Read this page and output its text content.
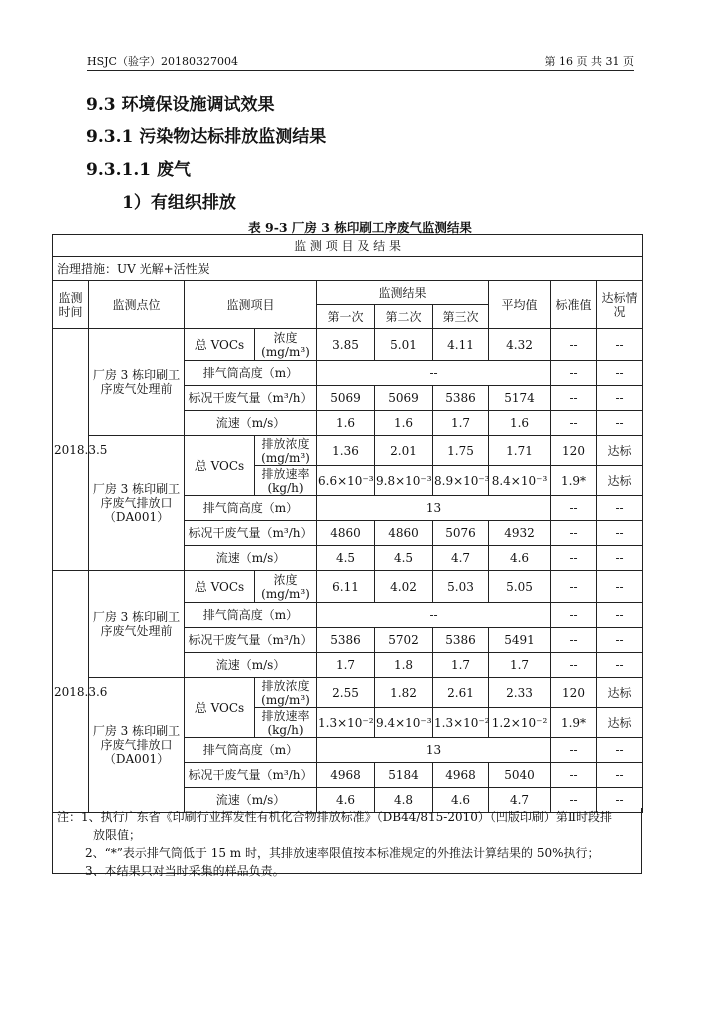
HSJC（验字）20180327004	第 16 页 共 31 页
9.3 环境保设施调试效果
9.3.1 污染物达标排放监测结果
9.3.1.1 废气
1）有组织排放
表 9-3 厂房 3 栋印刷工序废气监测结果
监 测 项 目 及 结 果									
治理措施：UV 光解+活性炭									
监测时间	监测点位	监测项目		监测结果			平均值	标准值	达标情况
				第一次	第二次	第三次			
2018.3.5	厂房 3 栋印刷工序废气处理前	总 VOCs	浓度(mg/m³)	3.85	5.01	4.11	4.32	--	--
		排气筒高度（m）		--				--	--
		标况干废气量（m³/h）		5069	5069	5386	5174	--	--
		流速（m/s）		1.6	1.6	1.7	1.6	--	--
	厂房 3 栋印刷工序废气排放口（DA001）	总 VOCs	排放浓度(mg/m³)	1.36	2.01	1.75	1.71	120	达标
			排放速率(kg/h)	6.6×10⁻³	9.8×10⁻³	8.9×10⁻³	8.4×10⁻³	1.9*	达标
		排气筒高度（m）		13				--	--
		标况干废气量（m³/h）		4860	4860	5076	4932	--	--
		流速（m/s）		4.5	4.5	4.7	4.6	--	--
2018.3.6	厂房 3 栋印刷工序废气处理前	总 VOCs	浓度(mg/m³)	6.11	4.02	5.03	5.05	--	--
		排气筒高度（m）		--				--	--
		标况干废气量（m³/h）		5386	5702	5386	5491	--	--
		流速（m/s）		1.7	1.8	1.7	1.7	--	--
	厂房 3 栋印刷工序废气排放口（DA001）	总 VOCs	排放浓度(mg/m³)	2.55	1.82	2.61	2.33	120	达标
			排放速率(kg/h)	1.3×10⁻²	9.4×10⁻³	1.3×10⁻²	1.2×10⁻²	1.9*	达标
		排气筒高度（m）		13				--	--
		标况干废气量（m³/h）		4968	5184	4968	5040	--	--
		流速（m/s）		4.6	4.8	4.6	4.7	--	--
注：1、执行广东省《印刷行业挥发性有机化合物排放标准》（DB44/815-2010）（凹版印刷）第Ⅱ时段排
放限值；
2、“*”表示排气筒低于 15 m 时，其排放速率限值按本标准规定的外推法计算结果的 50%执行；
3、本结果只对当时采集的样品负责。
